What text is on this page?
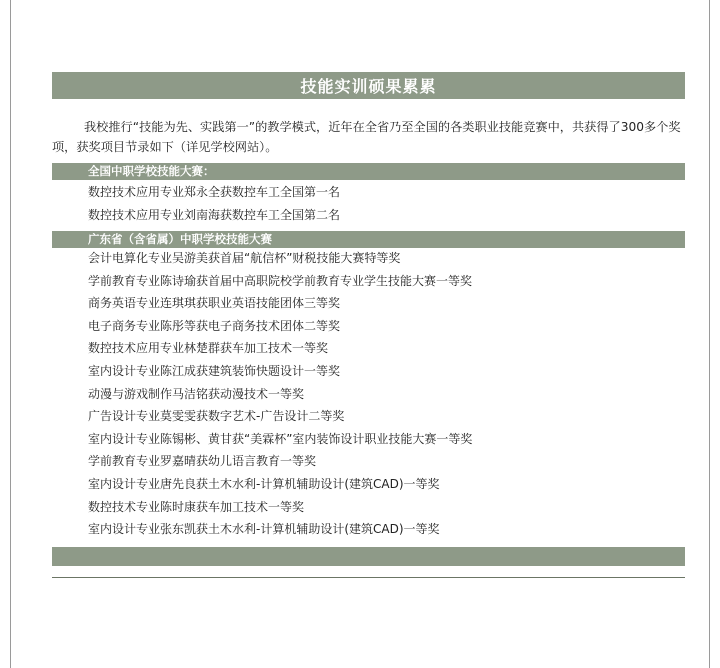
技能实训硕果累累

我校推行“技能为先、实践第一”的教学模式，近年在全省乃至全国的各类职业技能竞赛中，共获得了300多个奖项，获奖项目节录如下（详见学校网站）。

全国中职学校技能大赛：
数控技术应用专业郑永全获数控车工全国第一名
数控技术应用专业刘南海获数控车工全国第二名
广东省（含省属）中职学校技能大赛
会计电算化专业吴游美获首届“航信杯”财税技能大赛特等奖
学前教育专业陈诗瑜获首届中高职院校学前教育专业学生技能大赛一等奖
商务英语专业连琪琪获职业英语技能团体三等奖
电子商务专业陈彤等获电子商务技术团体二等奖
数控技术应用专业林楚群获车加工技术一等奖
室内设计专业陈江成获建筑装饰快题设计一等奖
动漫与游戏制作马洁铭获动漫技术一等奖
广告设计专业莫雯雯获数字艺术-广告设计二等奖
室内设计专业陈锡彬、黄甘获“美霖杯”室内装饰设计职业技能大赛一等奖
学前教育专业罗嘉晴获幼儿语言教育一等奖
室内设计专业唐先良获土木水利-计算机辅助设计(建筑CAD)一等奖
数控技术专业陈时康获车加工技术一等奖
室内设计专业张东凯获土木水利-计算机辅助设计(建筑CAD)一等奖
